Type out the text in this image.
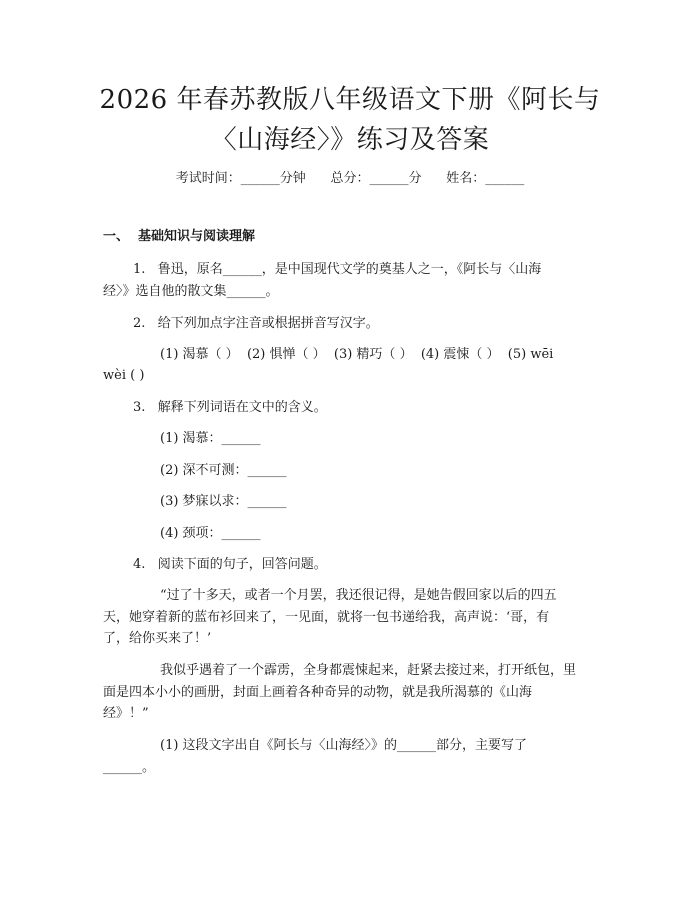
2026 年春苏教版八年级语文下册《阿长与
〈山海经〉》练习及答案
考试时间：______分钟      总分：______分      姓名：______
一、  基础知识与阅读理解
1.   鲁迅，原名______，是中国现代文学的奠基人之一，《阿长与〈山海
经〉》选自他的散文集______。
2.   给下列加点字注音或根据拼音写汉字。
(1) 渴慕（ ）  (2) 惧惮（ ）  (3) 精巧（ ）  (4) 震悚（ ）  (5) wēi
wèi ( )
3.   解释下列词语在文中的含义。
(1) 渴慕：______
(2) 深不可测：______
(3) 梦寐以求：______
(4) 颈项：______
4.   阅读下面的句子，回答问题。
“过了十多天，或者一个月罢，我还很记得，是她告假回家以后的四五
天，她穿着新的蓝布衫回来了，一见面，就将一包书递给我，高声说：‘哥，有
了，给你买来了！’
我似乎遇着了一个霹雳，全身都震悚起来，赶紧去接过来，打开纸包，里
面是四本小小的画册，封面上画着各种奇异的动物，就是我所渴慕的《山海
经》！”
(1) 这段文字出自《阿长与〈山海经〉》的______部分，主要写了
______。
